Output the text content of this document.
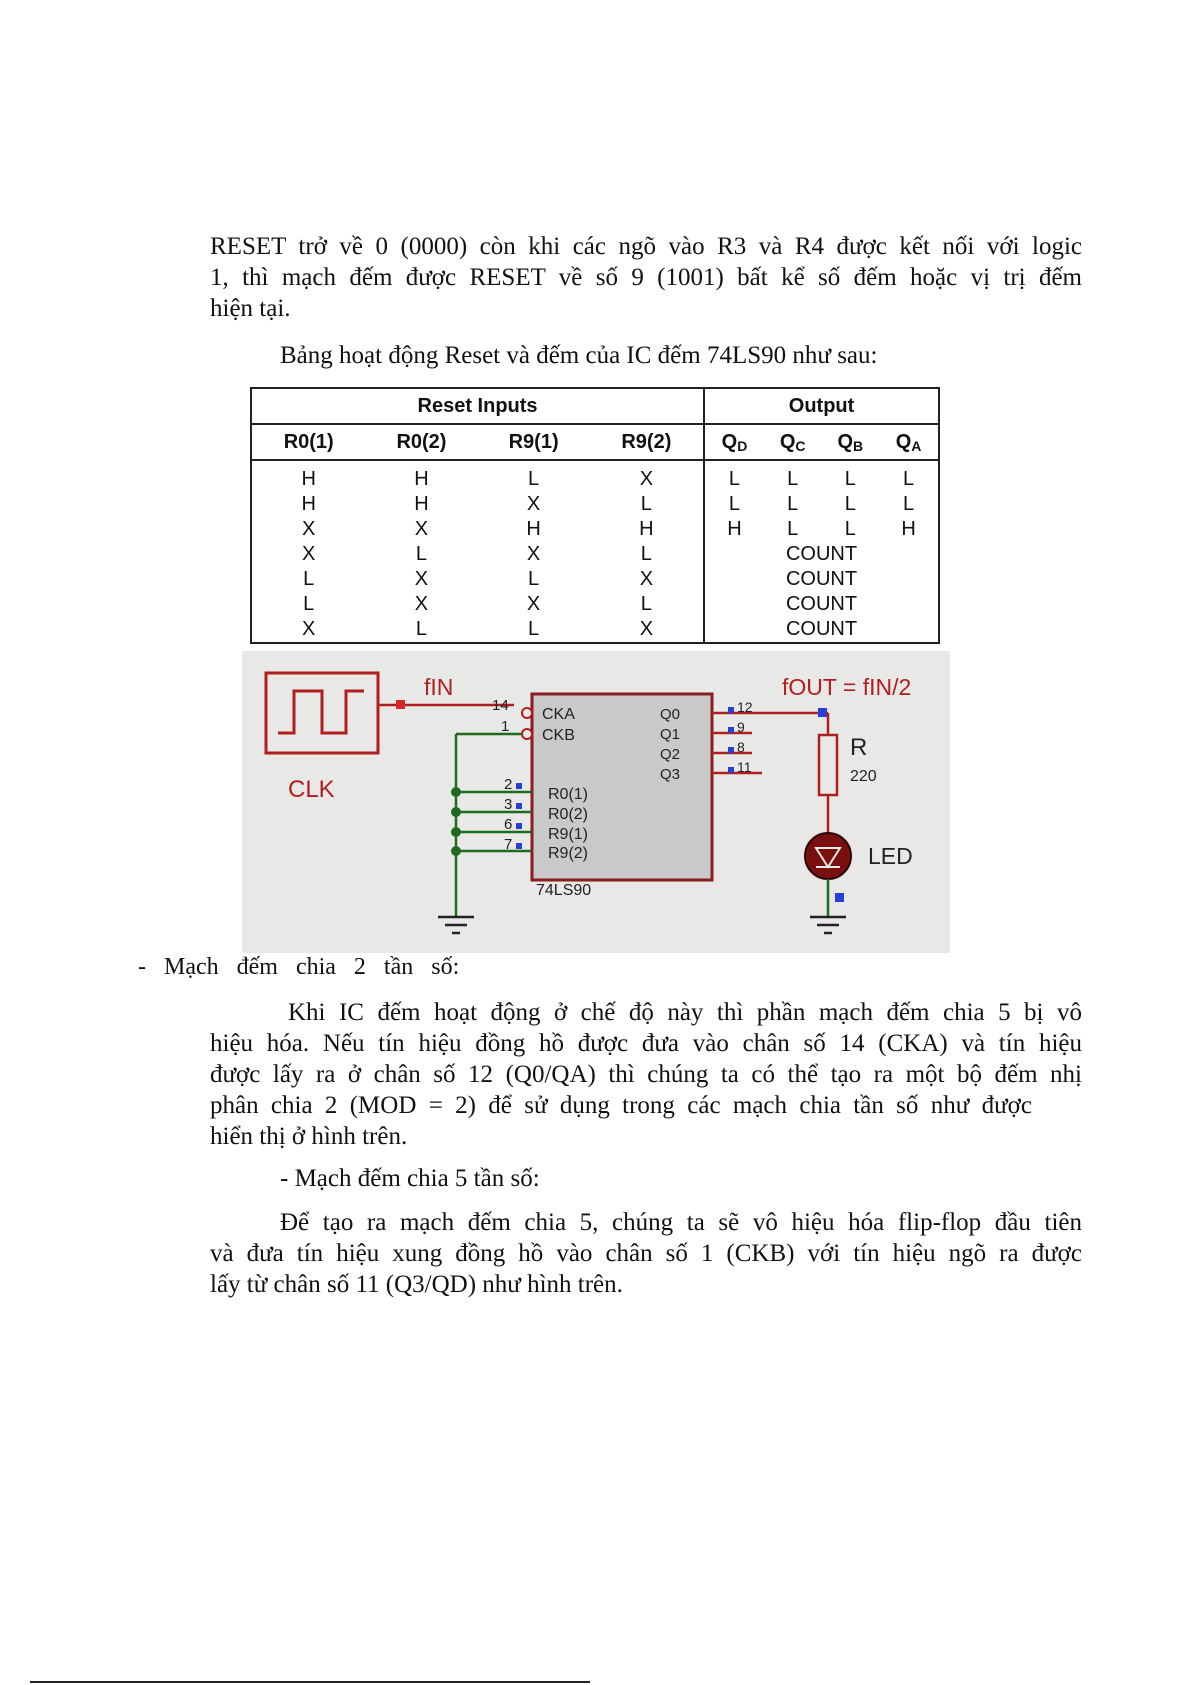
RESET trở về 0 (0000) còn khi các ngõ vào R3 và R4 được kết nối với logic
1, thì mạch đếm được RESET về số 9 (1001) bất kể số đếm hoặc vị trị đếm
hiện tại.
Bảng hoạt động Reset và đếm của IC đếm 74LS90 như sau:
Reset Inputs				Output			
R0(1)	R0(2)	R9(1)	R9(2)	$Q_D$	$Q_C$	$Q_B$	$Q_A$
H	H	L	X	L	L	L	L
H	H	X	L	L	L	L	L
X	X	H	H	H	L	L	H
X	L	X	L	COUNT			
L	X	L	X	COUNT			
L	X	X	L	COUNT			
X	L	L	X	COUNT			
fIN
CLK
74LS90
14
CKA
1
CKB
2
R0(1)
3
R0(2)
6
R9(1)
7
R9(2)
Q0
Q1
Q2
Q3
12
9
8
11
R
220
fOUT = fIN/2
LED
- Mạch đếm chia 2 tần số:
Khi IC đếm hoạt động ở chế độ này thì phần mạch đếm chia 5 bị vô
hiệu hóa. Nếu tín hiệu đồng hồ được đưa vào chân số 14 (CKA) và tín hiệu
được lấy ra ở chân số 12 (Q0/QA) thì chúng ta có thể tạo ra một bộ đếm nhị
phân chia 2 (MOD = 2) để sử dụng trong các mạch chia tần số như được
hiển thị ở hình trên.
- Mạch đếm chia 5 tần số:
Để tạo ra mạch đếm chia 5, chúng ta sẽ vô hiệu hóa flip-flop đầu tiên
và đưa tín hiệu xung đồng hồ vào chân số 1 (CKB) với tín hiệu ngõ ra được
lấy từ chân số 11 (Q3/QD) như hình trên.
